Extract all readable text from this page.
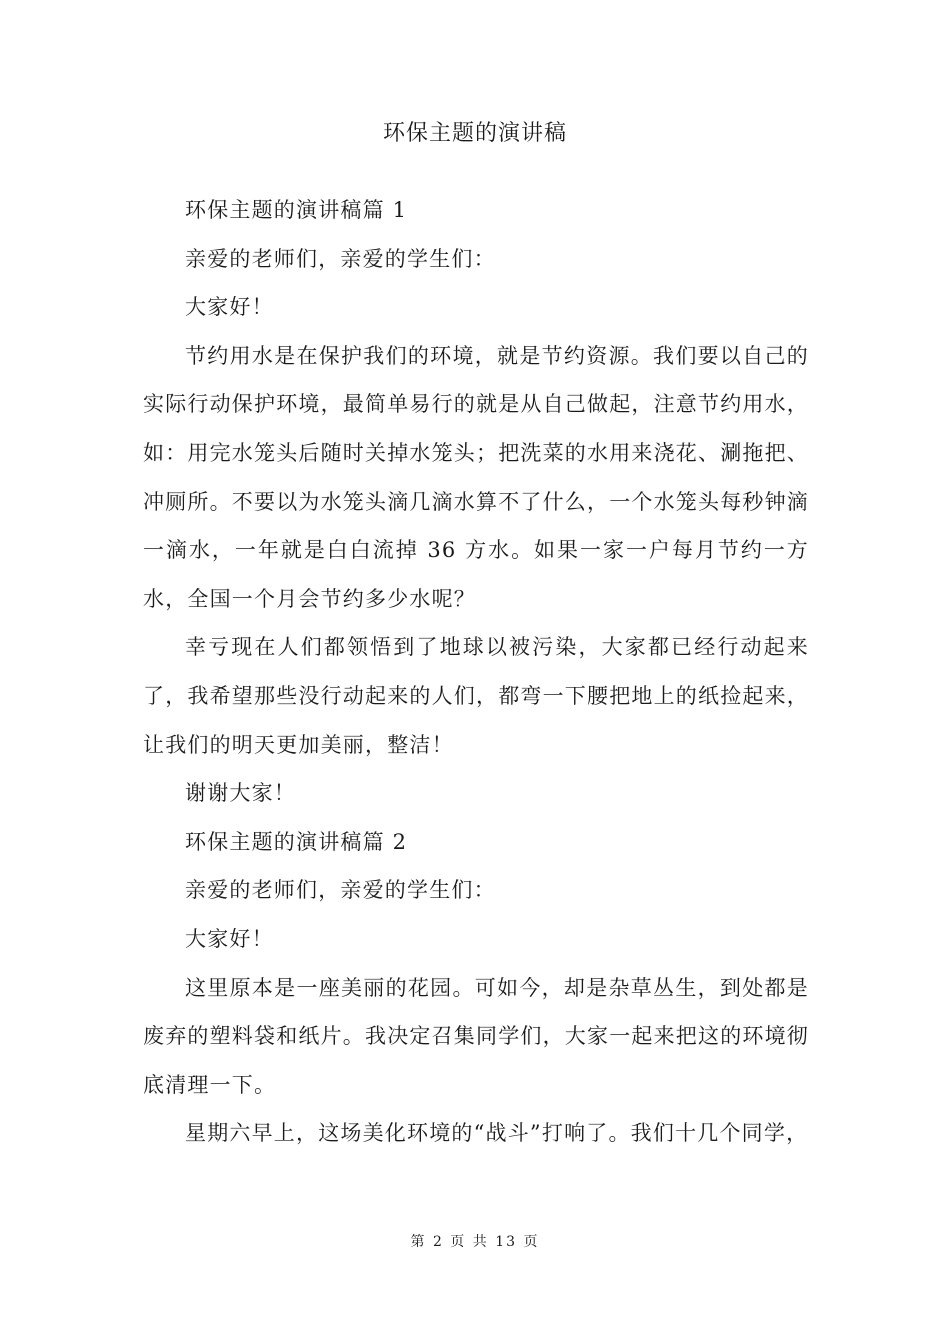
环保主题的演讲稿

环保主题的演讲稿篇 1

亲爱的老师们，亲爱的学生们：

大家好！

节约用水是在保护我们的环境，就是节约资源。我们要以自己的实际行动保护环境，最简单易行的就是从自己做起，注意节约用水，如：用完水笼头后随时关掉水笼头；把洗菜的水用来浇花、涮拖把、冲厕所。不要以为水笼头滴几滴水算不了什么，一个水笼头每秒钟滴一滴水，一年就是白白流掉 36 方水。如果一家一户每月节约一方水，全国一个月会节约多少水呢？

幸亏现在人们都领悟到了地球以被污染，大家都已经行动起来了，我希望那些没行动起来的人们，都弯一下腰把地上的纸捡起来，让我们的明天更加美丽，整洁！

谢谢大家！

环保主题的演讲稿篇 2

亲爱的老师们，亲爱的学生们：

大家好！

这里原本是一座美丽的花园。可如今，却是杂草丛生，到处都是废弃的塑料袋和纸片。我决定召集同学们，大家一起来把这的环境彻底清理一下。

星期六早上，这场美化环境的“战斗”打响了。我们十几个同学，

第 2 页 共 13 页
